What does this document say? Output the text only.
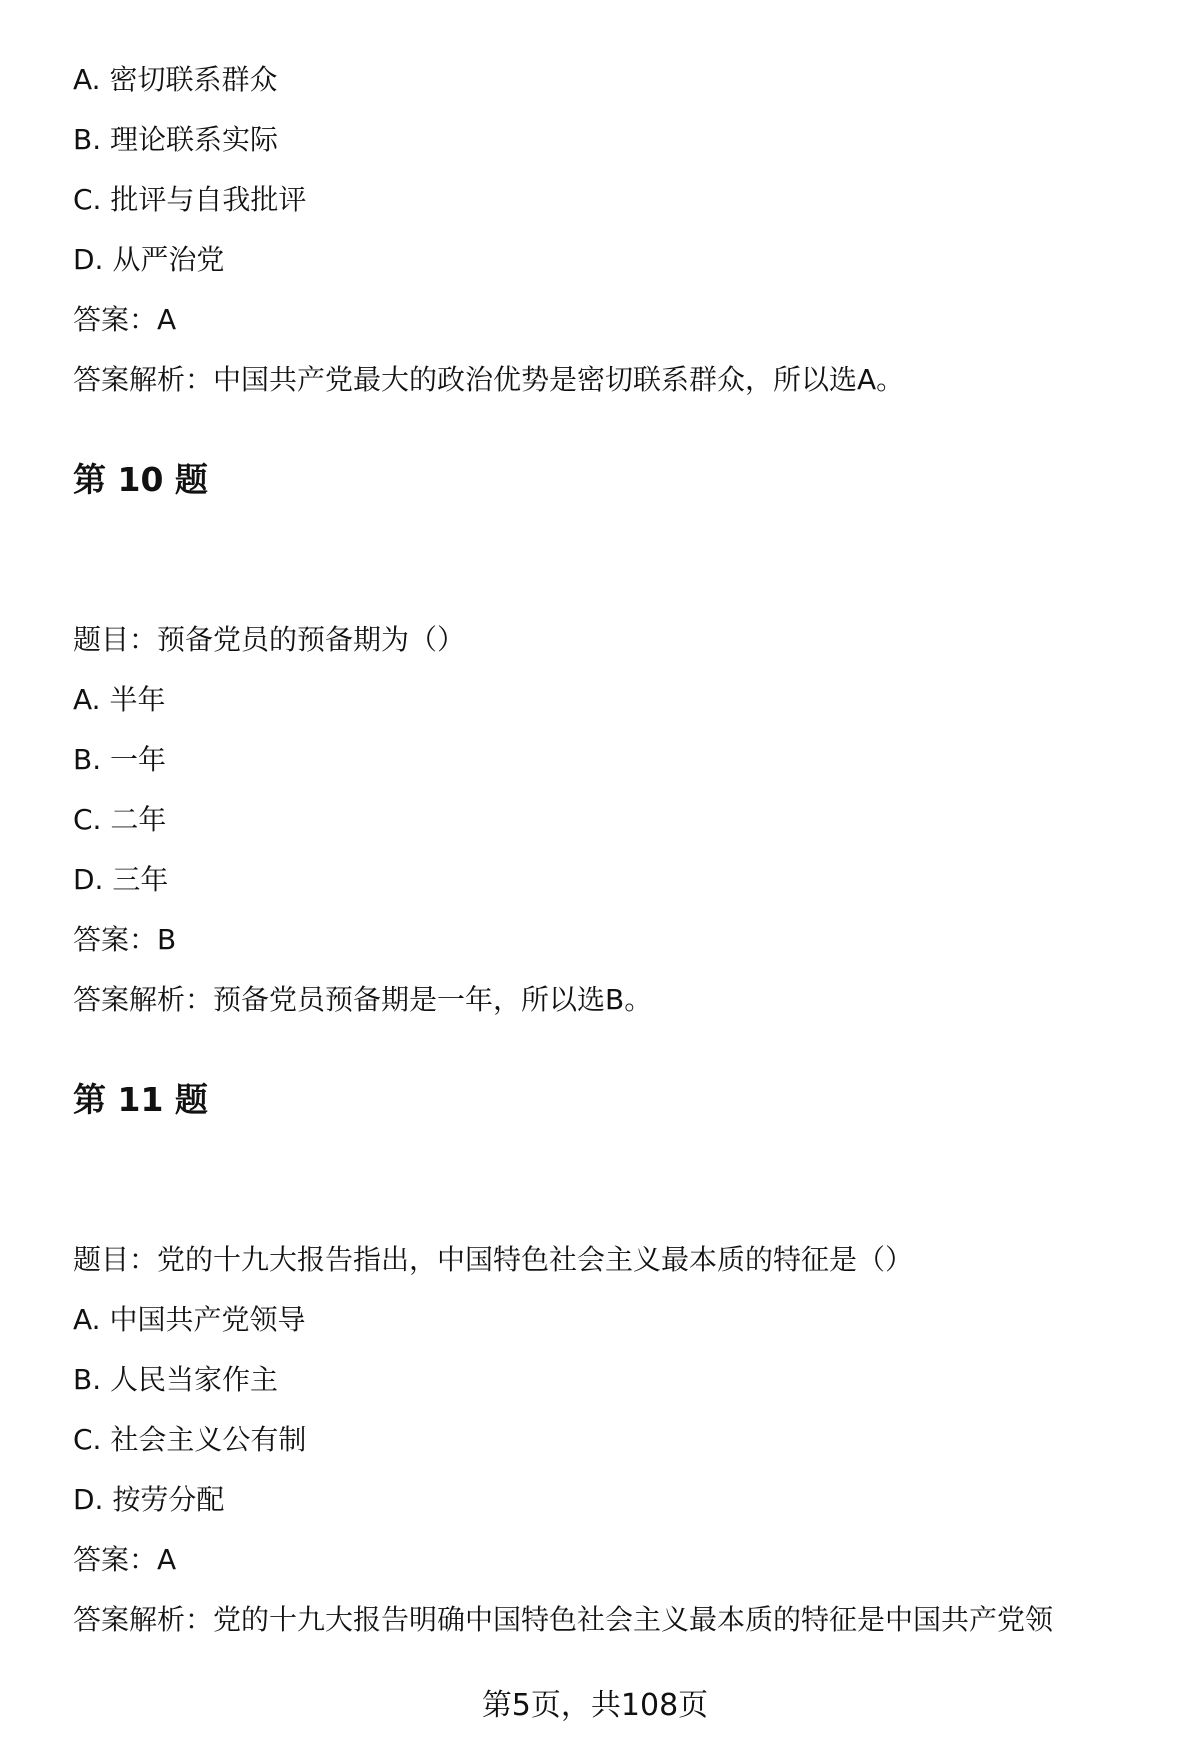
A. 密切联系群众
B. 理论联系实际
C. 批评与自我批评
D. 从严治党
答案：A
答案解析：中国共产党最大的政治优势是密切联系群众，所以选A。
第 10 题
题目：预备党员的预备期为（）
A. 半年
B. 一年
C. 二年
D. 三年
答案：B
答案解析：预备党员预备期是一年，所以选B。
第 11 题
题目：党的十九大报告指出，中国特色社会主义最本质的特征是（）
A. 中国共产党领导
B. 人民当家作主
C. 社会主义公有制
D. 按劳分配
答案：A
答案解析：党的十九大报告明确中国特色社会主义最本质的特征是中国共产党领
第5页，共108页
